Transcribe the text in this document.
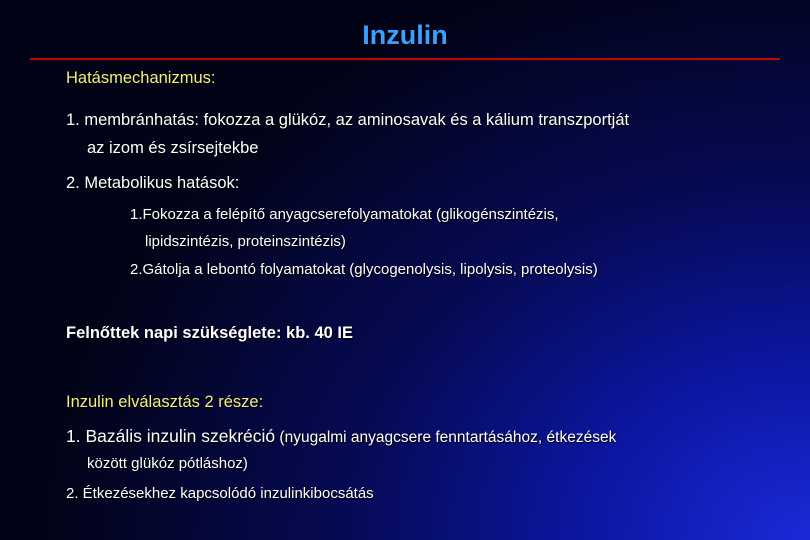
Inzulin
Hatásmechanizmus:
1. membránhatás: fokozza a glükóz, az aminosavak és a kálium transzportját
az izom és zsírsejtekbe
2. Metabolikus hatások:
1.Fokozza a felépítő anyagcserefolyamatokat (glikogénszintézis,
lipidszintézis, proteinszintézis)
2.Gátolja a lebontó folyamatokat (glycogenolysis, lipolysis, proteolysis)
Felnőttek napi szükséglete: kb. 40 IE
Inzulin elválasztás 2 része:
1. Bazális inzulin szekréció (nyugalmi anyagcsere fenntartásához, étkezések
között glükóz pótláshoz)
2. Étkezésekhez kapcsolódó inzulinkibocsátás
